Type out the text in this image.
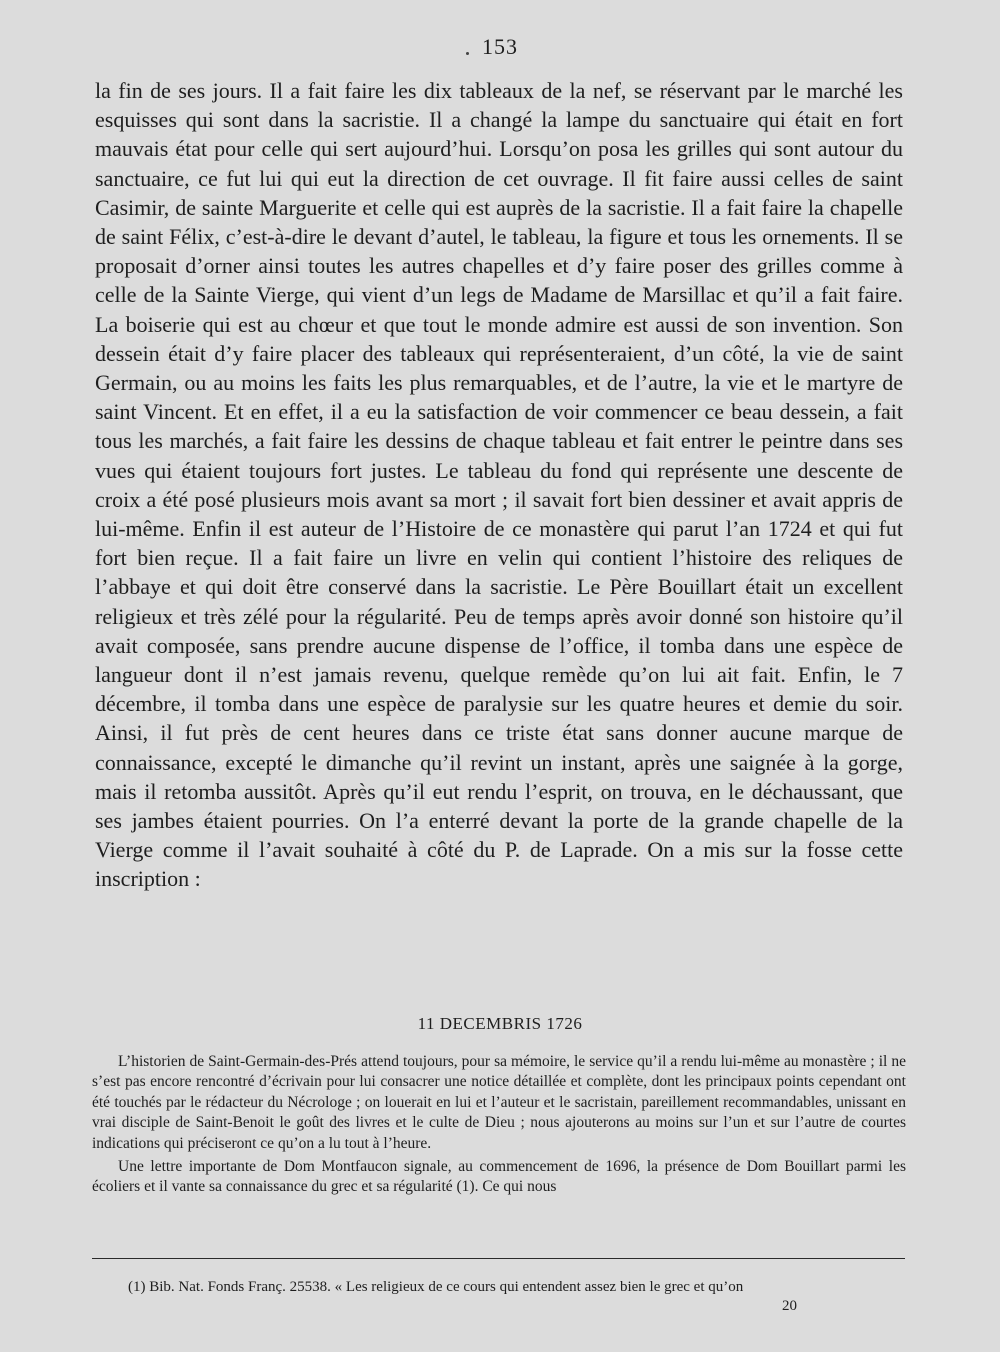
153

la fin de ses jours. Il a fait faire les dix tableaux de la nef, se réservant par le marché les esquisses qui sont dans la sacristie. Il a changé la lampe du sanctuaire qui était en fort mauvais état pour celle qui sert aujourd’hui. Lorsqu’on posa les grilles qui sont autour du sanctuaire, ce fut lui qui eut la direction de cet ouvrage. Il fit faire aussi celles de saint Casimir, de sainte Marguerite et celle qui est auprès de la sacristie. Il a fait faire la chapelle de saint Félix, c’est-à-dire le devant d’autel, le tableau, la figure et tous les ornements. Il se proposait d’orner ainsi toutes les autres chapelles et d’y faire poser des grilles comme à celle de la Sainte Vierge, qui vient d’un legs de Madame de Marsillac et qu’il a fait faire. La boiserie qui est au chœur et que tout le monde admire est aussi de son invention. Son dessein était d’y faire placer des tableaux qui représenteraient, d’un côté, la vie de saint Germain, ou au moins les faits les plus remarquables, et de l’autre, la vie et le martyre de saint Vincent. Et en effet, il a eu la satisfaction de voir commencer ce beau dessein, a fait tous les marchés, a fait faire les dessins de chaque tableau et fait entrer le peintre dans ses vues qui étaient toujours fort justes. Le tableau du fond qui représente une descente de croix a été posé plusieurs mois avant sa mort ; il savait fort bien dessiner et avait appris de lui-même. Enfin il est auteur de l’Histoire de ce monastère qui parut l’an 1724 et qui fut fort bien reçue. Il a fait faire un livre en velin qui contient l’histoire des reliques de l’abbaye et qui doit être conservé dans la sacristie. Le Père Bouillart était un excellent religieux et très zélé pour la régularité. Peu de temps après avoir donné son histoire qu’il avait composée, sans prendre aucune dispense de l’office, il tomba dans une espèce de langueur dont il n’est jamais revenu, quelque remède qu’on lui ait fait. Enfin, le 7 décembre, il tomba dans une espèce de paralysie sur les quatre heures et demie du soir. Ainsi, il fut près de cent heures dans ce triste état sans donner aucune marque de connaissance, excepté le dimanche qu’il revint un instant, après une saignée à la gorge, mais il retomba aussitôt. Après qu’il eut rendu l’esprit, on trouva, en le déchaussant, que ses jambes étaient pourries. On l’a enterré devant la porte de la grande chapelle de la Vierge comme il l’avait souhaité à côté du P. de Laprade. On a mis sur la fosse cette inscription :

11 DECEMBRIS 1726

L’historien de Saint-Germain-des-Prés attend toujours, pour sa mémoire, le service qu’il a rendu lui-même au monastère ; il ne s’est pas encore rencontré d’écrivain pour lui consacrer une notice détaillée et complète, dont les principaux points cependant ont été touchés par le rédacteur du Nécrologe ; on louerait en lui et l’auteur et le sacristain, pareillement recommandables, unissant en vrai disciple de Saint-Benoit le goût des livres et le culte de Dieu ; nous ajouterons au moins sur l’un et sur l’autre de courtes indications qui préciseront ce qu’on a lu tout à l’heure.

Une lettre importante de Dom Montfaucon signale, au commencement de 1696, la présence de Dom Bouillart parmi les écoliers et il vante sa connaissance du grec et sa régularité (1). Ce qui nous

(1) Bib. Nat. Fonds Franç. 25538. « Les religieux de ce cours qui entendent assez bien le grec et qu’on

20
